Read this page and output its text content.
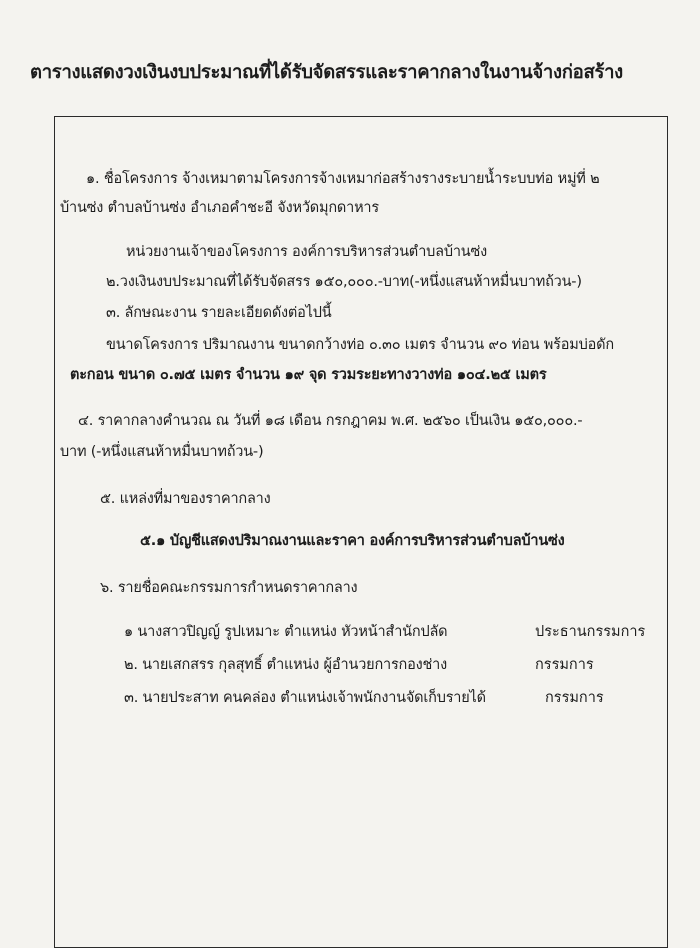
ตารางแสดงวงเงินงบประมาณที่ได้รับจัดสรรและราคากลางในงานจ้างก่อสร้าง
๑. ชื่อโครงการ จ้างเหมาตามโครงการจ้างเหมาก่อสร้างรางระบายน้ำระบบท่อ หมู่ที่ ๒
บ้านซ่ง ตำบลบ้านซ่ง อำเภอคำชะอี จังหวัดมุกดาหาร
หน่วยงานเจ้าของโครงการ องค์การบริหารส่วนตำบลบ้านซ่ง
๒.วงเงินงบประมาณที่ได้รับจัดสรร ๑๕๐,๐๐๐.-บาท(-หนึ่งแสนห้าหมื่นบาทถ้วน-)
๓. ลักษณะงาน รายละเอียดดังต่อไปนี้
ขนาดโครงการ ปริมาณงาน ขนาดกว้างท่อ ๐.๓๐ เมตร จำนวน ๙๐ ท่อน พร้อมบ่อดัก
ตะกอน ขนาด ๐.๗๕ เมตร จำนวน ๑๙ จุด รวมระยะทางวางท่อ ๑๐๔.๒๕ เมตร
๔. ราคากลางคำนวณ ณ วันที่ ๑๘ เดือน กรกฎาคม พ.ศ. ๒๕๖๐ เป็นเงิน ๑๕๐,๐๐๐.-
บาท (-หนึ่งแสนห้าหมื่นบาทถ้วน-)
๕. แหล่งที่มาของราคากลาง
๕.๑ บัญชีแสดงปริมาณงานและราคา องค์การบริหารส่วนตำบลบ้านซ่ง
๖. รายชื่อคณะกรรมการกำหนดราคากลาง
๑ นางสาวปิญญ์ รูปเหมาะ ตำแหน่ง หัวหน้าสำนักปลัด	ประธานกรรมการ
๒. นายเสกสรร กุลสุทธิ์ ตำแหน่ง ผู้อำนวยการกองช่าง	กรรมการ
๓. นายประสาท คนคล่อง ตำแหน่งเจ้าพนักงานจัดเก็บรายได้	กรรมการ
